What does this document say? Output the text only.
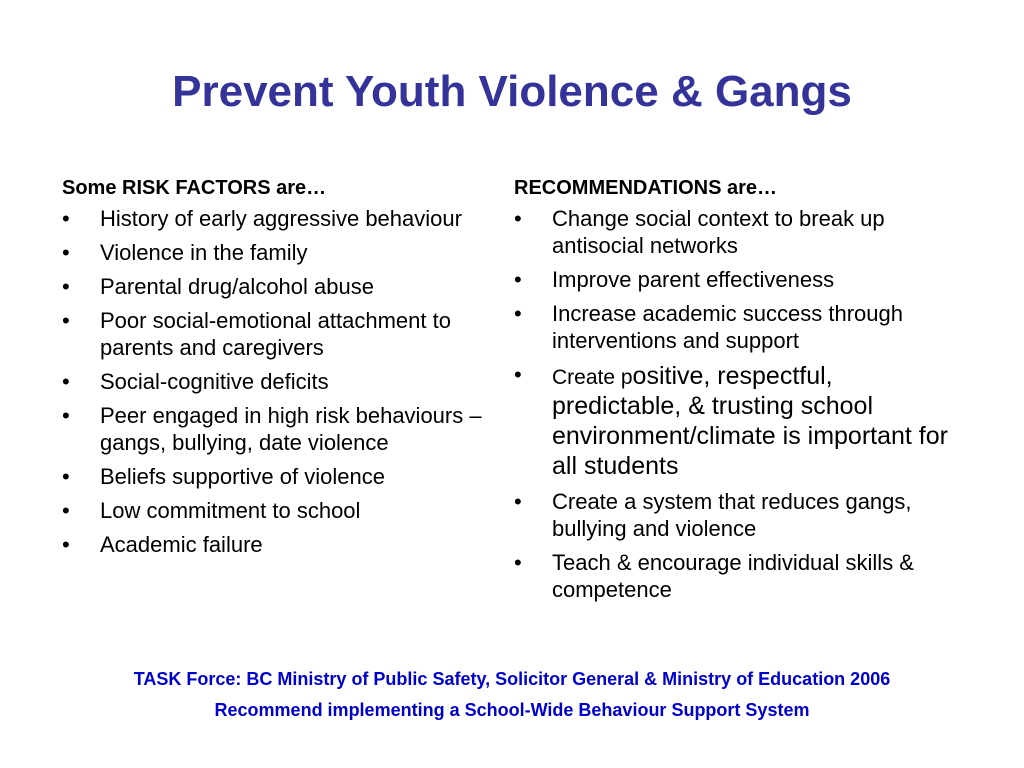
Prevent Youth Violence & Gangs
Some RISK FACTORS are…
• History of early aggressive behaviour
• Violence in the family
• Parental drug/alcohol abuse
• Poor social-emotional attachment to parents and caregivers
• Social-cognitive deficits
• Peer engaged in high risk behaviours – gangs, bullying, date violence
• Beliefs supportive of violence
• Low commitment to school
• Academic failure
RECOMMENDATIONS are…
• Change social context to break up antisocial networks
• Improve parent effectiveness
• Increase academic success through interventions and support
• Create positive, respectful, predictable, & trusting school environment/climate is important for all students
• Create a system that reduces gangs, bullying and violence
• Teach & encourage individual skills & competence

TASK Force: BC Ministry of Public Safety, Solicitor General & Ministry of Education 2006

Recommend implementing a School-Wide Behaviour Support System
